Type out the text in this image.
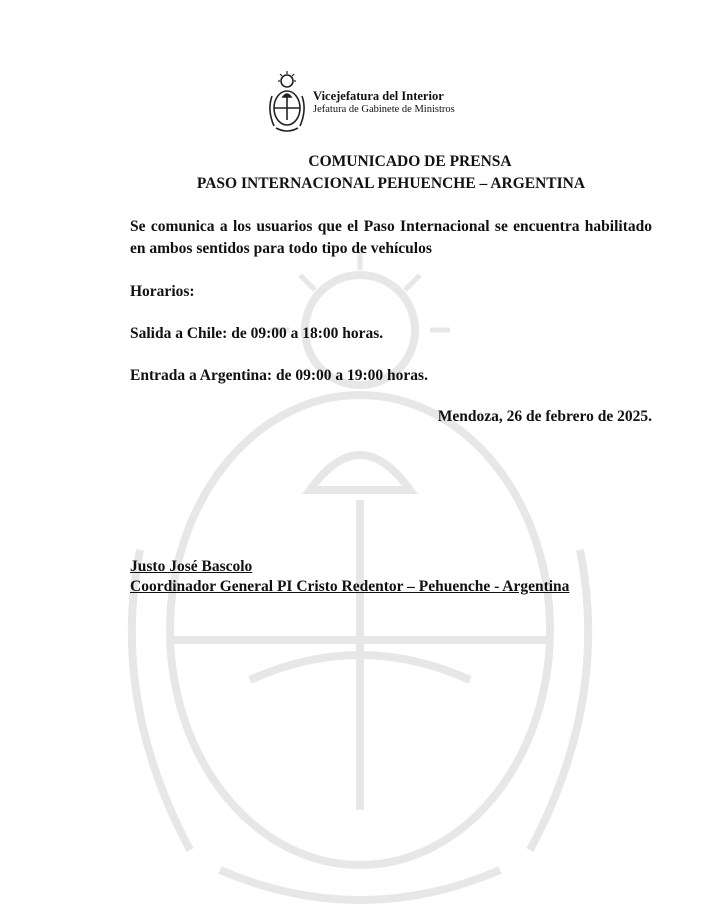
Vicejefatura del Interior
Jefatura de Gabinete de Ministros
COMUNICADO DE PRENSA
PASO INTERNACIONAL PEHUENCHE – ARGENTINA
Se comunica a los usuarios que el Paso Internacional se encuentra habilitado en ambos sentidos para todo tipo de vehículos
Horarios:
Salida a Chile: de 09:00 a 18:00 horas.
Entrada a Argentina: de 09:00 a 19:00 horas.
Mendoza, 26 de febrero de 2025.
Justo José Bascolo
Coordinador General PI Cristo Redentor – Pehuenche - Argentina
